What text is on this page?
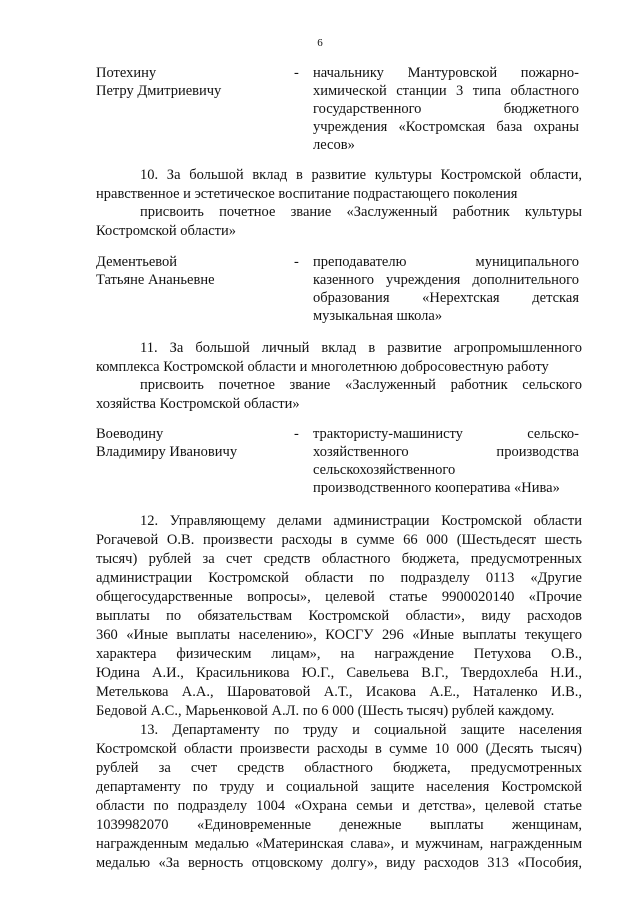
6
Потехину
Петру Дмитриевичу
- начальнику Мантуровской пожарно-
химической станции 3 типа областного
государственного бюджетного
учреждения «Костромская база охраны
лесов»
10. За большой вклад в развитие культуры Костромской области,
нравственное и эстетическое воспитание подрастающего поколения
присвоить почетное звание «Заслуженный работник культуры
Костромской области»
Дементьевой
Татьяне Ананьевне
- преподавателю муниципального
казенного учреждения дополнительного
образования «Нерехтская детская
музыкальная школа»
11. За большой личный вклад в развитие агропромышленного
комплекса Костромской области и многолетнюю добросовестную работу
присвоить почетное звание «Заслуженный работник сельского
хозяйства Костромской области»
Воеводину
Владимиру Ивановичу
- трактористу-машинисту сельско-
хозяйственного производства
сельскохозяйственного
производственного кооператива «Нива»
12. Управляющему делами администрации Костромской области
Рогачевой О.В. произвести расходы в сумме 66 000 (Шестьдесят шесть
тысяч) рублей за счет средств областного бюджета, предусмотренных
администрации Костромской области по подразделу 0113 «Другие
общегосударственные вопросы», целевой статье 9900020140 «Прочие
выплаты по обязательствам Костромской области», виду расходов
360 «Иные выплаты населению», КОСГУ 296 «Иные выплаты текущего
характера физическим лицам», на награждение Петухова О.В.,
Юдина А.И., Красильникова Ю.Г., Савельева В.Г., Твердохлеба Н.И.,
Метелькова А.А., Шароватовой А.Т., Исакова А.Е., Наталенко И.В.,
Бедовой А.С., Марьенковой А.Л. по 6 000 (Шесть тысяч) рублей каждому.
13. Департаменту по труду и социальной защите населения
Костромской области произвести расходы в сумме 10 000 (Десять тысяч)
рублей за счет средств областного бюджета, предусмотренных
департаменту по труду и социальной защите населения Костромской
области по подразделу 1004 «Охрана семьи и детства», целевой статье
1039982070 «Единовременные денежные выплаты женщинам,
награжденным медалью «Материнская слава», и мужчинам, награжденным
медалью «За верность отцовскому долгу», виду расходов 313 «Пособия,
